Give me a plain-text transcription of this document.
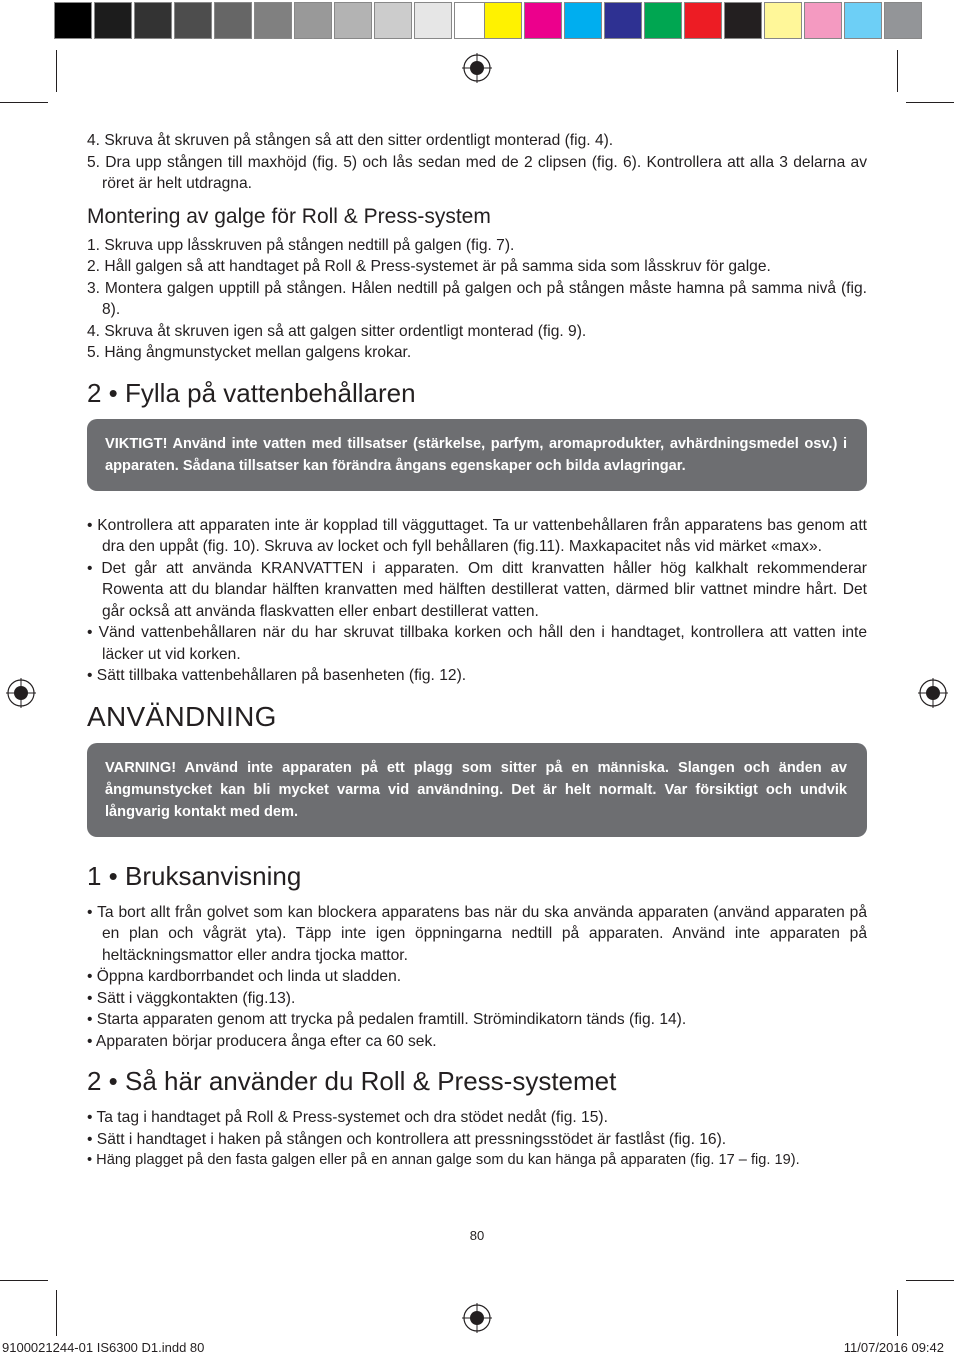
4. Skruva åt skruven på stången så att den sitter ordentligt monterad (fig. 4).

5. Dra upp stången till maxhöjd (fig. 5) och lås sedan med de 2 clipsen (fig. 6). Kontrollera att alla 3 delarna av röret är helt utdragna.

Montering av galge för Roll & Press-system

1. Skruva upp låsskruven på stången nedtill på galgen (fig. 7).

2. Håll galgen så att handtaget på Roll & Press-systemet är på samma sida som låsskruv för galge.

3. Montera galgen upptill på stången. Hålen nedtill på galgen och på stången måste hamna på samma nivå (fig. 8).

4. Skruva åt skruven igen så att galgen sitter ordentligt monterad (fig. 9).

5. Häng ångmunstycket mellan galgens krokar.

2 • Fylla på vattenbehållaren
VIKTIGT! Använd inte vatten med tillsatser (stärkelse, parfym, aromaprodukter, avhärdningsmedel osv.) i apparaten. Sådana tillsatser kan förändra ångans egenskaper och bilda avlagringar.

• Kontrollera att apparaten inte är kopplad till vägguttaget. Ta ur vattenbehållaren från apparatens bas genom att dra den uppåt (fig. 10). Skruva av locket och fyll behållaren (fig.11). Maxkapacitet nås vid märket «max».

• Det går att använda KRANVATTEN i apparaten. Om ditt kranvatten håller hög kalkhalt rekommenderar Rowenta att du blandar hälften kranvatten med hälften destillerat vatten, därmed blir vattnet mindre hårt. Det går också att använda flaskvatten eller enbart destillerat vatten.

• Vänd vattenbehållaren när du har skruvat tillbaka korken och håll den i handtaget, kontrollera att vatten inte läcker ut vid korken.

• Sätt tillbaka vattenbehållaren på basenheten (fig. 12).

ANVÄNDNING
VARNING! Använd inte apparaten på ett plagg som sitter på en människa. Slangen och änden av ångmunstycket kan bli mycket varma vid användning. Det är helt normalt. Var försiktigt och undvik långvarig kontakt med dem.
1 • Bruksanvisning

• Ta bort allt från golvet som kan blockera apparatens bas när du ska använda apparaten (använd apparaten på en plan och vågrät yta). Täpp inte igen öppningarna nedtill på apparaten. Använd inte apparaten på heltäckningsmattor eller andra tjocka mattor.

• Öppna kardborrbandet och linda ut sladden.

• Sätt i väggkontakten (fig.13).

• Starta apparaten genom att trycka på pedalen framtill. Strömindikatorn tänds (fig. 14).

• Apparaten börjar producera ånga efter ca 60 sek.

2 • Så här använder du Roll & Press-systemet

• Ta tag i handtaget på Roll & Press-systemet och dra stödet nedåt (fig. 15).

• Sätt i handtaget i haken på stången och kontrollera att pressningsstödet är fastlåst (fig. 16).

• Häng plagget på den fasta galgen eller på en annan galge som du kan hänga på apparaten (fig. 17 – fig. 19).

80
9100021244-01 IS6300 D1.indd 80	11/07/2016 09:42
